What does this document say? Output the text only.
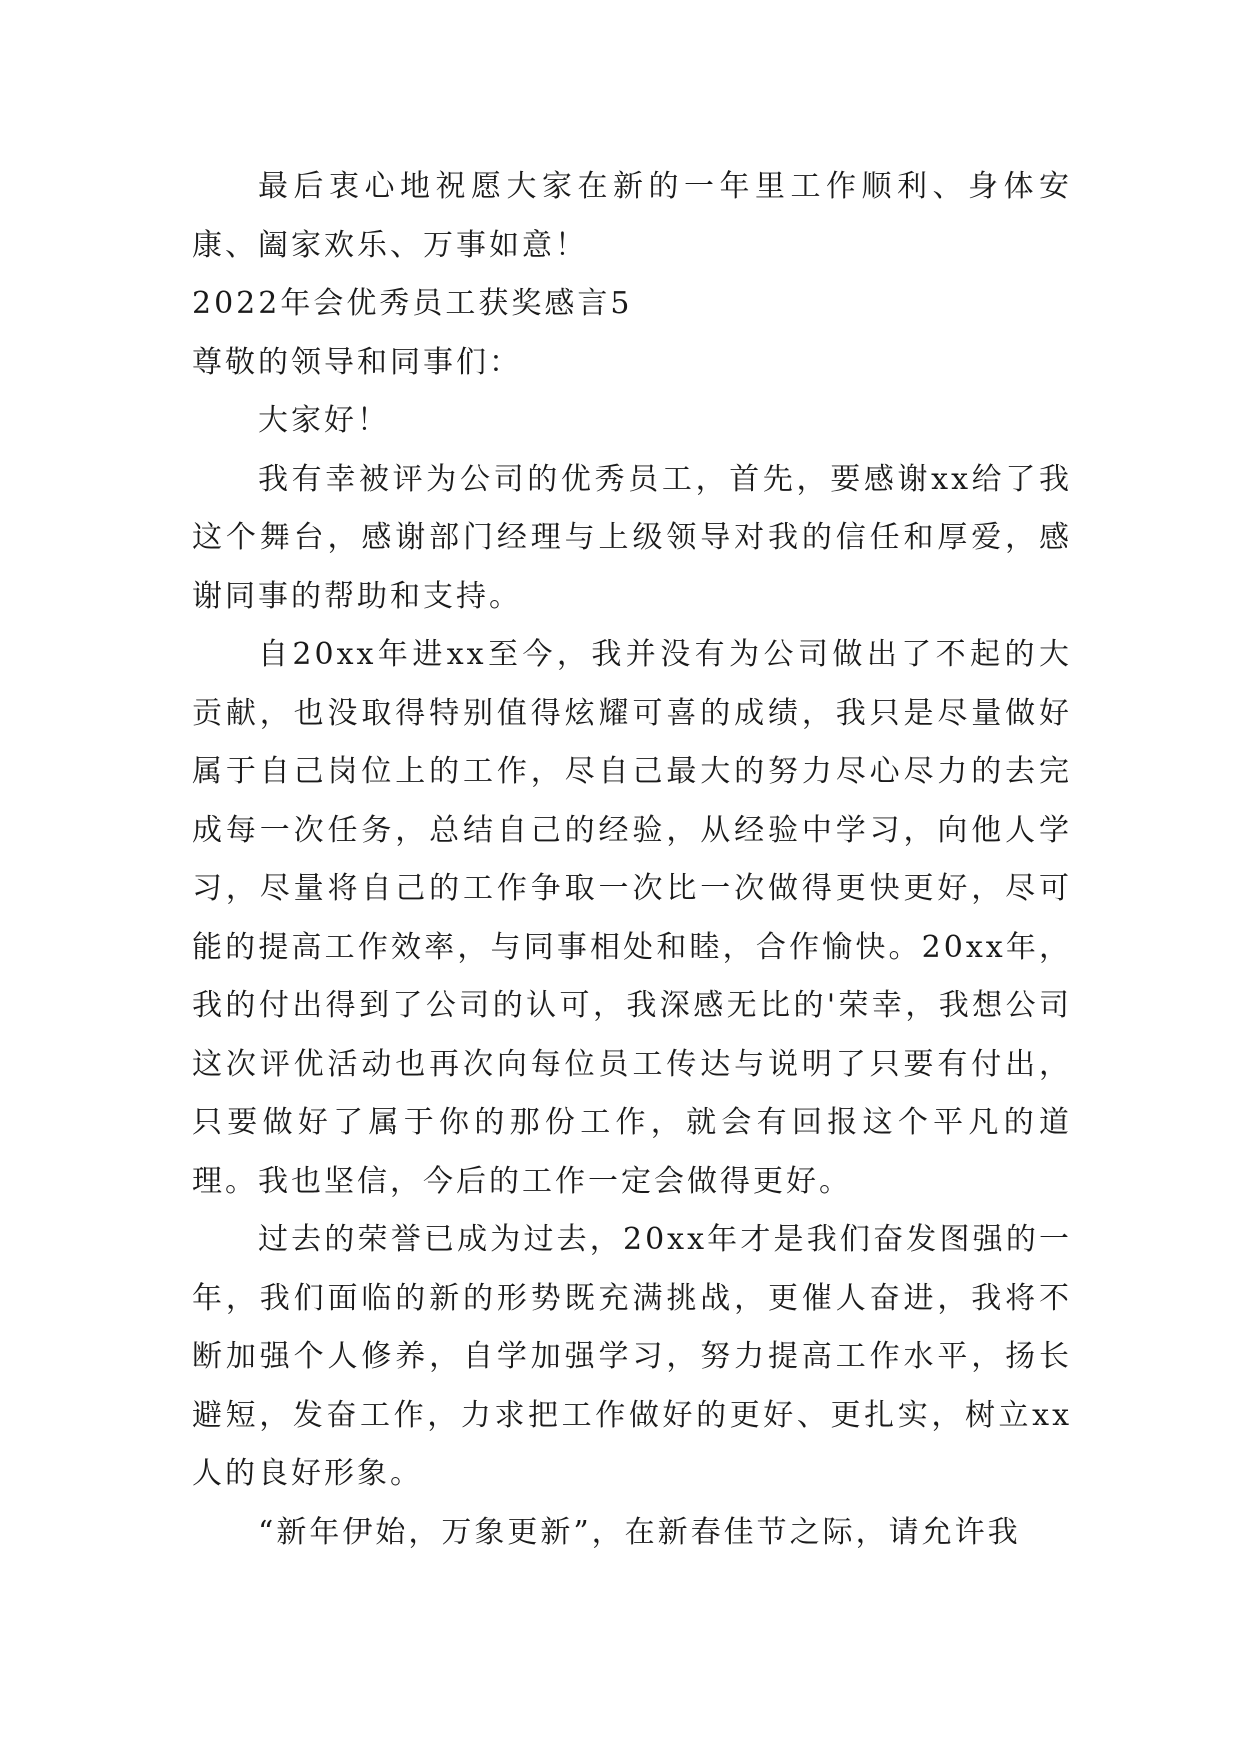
最后衷心地祝愿大家在新的一年里工作顺利、身体安康、阖家欢乐、万事如意！

2022年会优秀员工获奖感言5

尊敬的领导和同事们：

大家好！

我有幸被评为公司的优秀员工，首先，要感谢xx给了我这个舞台，感谢部门经理与上级领导对我的信任和厚爱，感谢同事的帮助和支持。

自20xx年进xx至今，我并没有为公司做出了不起的大贡献，也没取得特别值得炫耀可喜的成绩，我只是尽量做好属于自己岗位上的工作，尽自己最大的努力尽心尽力的去完成每一次任务，总结自己的经验，从经验中学习，向他人学习，尽量将自己的工作争取一次比一次做得更快更好，尽可能的提高工作效率，与同事相处和睦，合作愉快。20xx年，我的付出得到了公司的认可，我深感无比的'荣幸，我想公司这次评优活动也再次向每位员工传达与说明了只要有付出，只要做好了属于你的那份工作，就会有回报这个平凡的道理。我也坚信，今后的工作一定会做得更好。

过去的荣誉已成为过去，20xx年才是我们奋发图强的一年，我们面临的新的形势既充满挑战，更催人奋进，我将不断加强个人修养，自学加强学习，努力提高工作水平，扬长避短，发奋工作，力求把工作做好的更好、更扎实，树立xx人的良好形象。

“新年伊始，万象更新”，在新春佳节之际，请允许我
